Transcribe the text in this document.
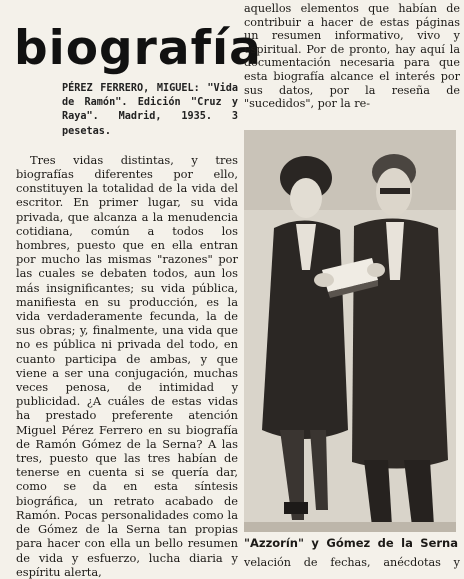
biografía
PÉREZ FERRERO, MIGUEL: "Vida de Ramón". Edición "Cruz y Raya". Madrid, 1935. 3 pesetas.
Tres vidas distintas, y tres biografías diferentes por ello, constituyen la totalidad de la vida del escritor. En primer lugar, su vida privada, que alcanza a la menudencia cotidiana, común a todos los hombres, puesto que en ella entran por mucho las mismas "razones" por las cuales se debaten todos, aun los más insignificantes; su vida pública, manifiesta en su producción, es la vida verdaderamente fecunda, la de sus obras; y, finalmente, una vida que no es pública ni privada del todo, en cuanto participa de ambas, y que viene a ser una conjugación, muchas veces penosa, de intimidad y publicidad. ¿A cuáles de estas vidas ha prestado preferente atención Miguel Pérez Ferrero en su biografía de Ramón Gómez de la Serna? A las tres, puesto que las tres habían de tenerse en cuenta si se quería dar, como se da en esta síntesis biográfica, un retrato acabado de Ramón. Pocas personalidades como la de Gómez de la Serna tan propias para hacer con ella un bello resumen de vida y esfuerzo, lucha diaria y espíritu alerta,
aquellos elementos que habían de contribuir a hacer de estas páginas un resumen informativo, vivo y espiritual. Por de pronto, hay aquí la documentación necesaria para que esta biografía alcance el interés por sus datos, por la reseña de "sucedidos", por la re-
"Azzorín" y Gómez de la Serna
velación de fechas, anécdotas y
